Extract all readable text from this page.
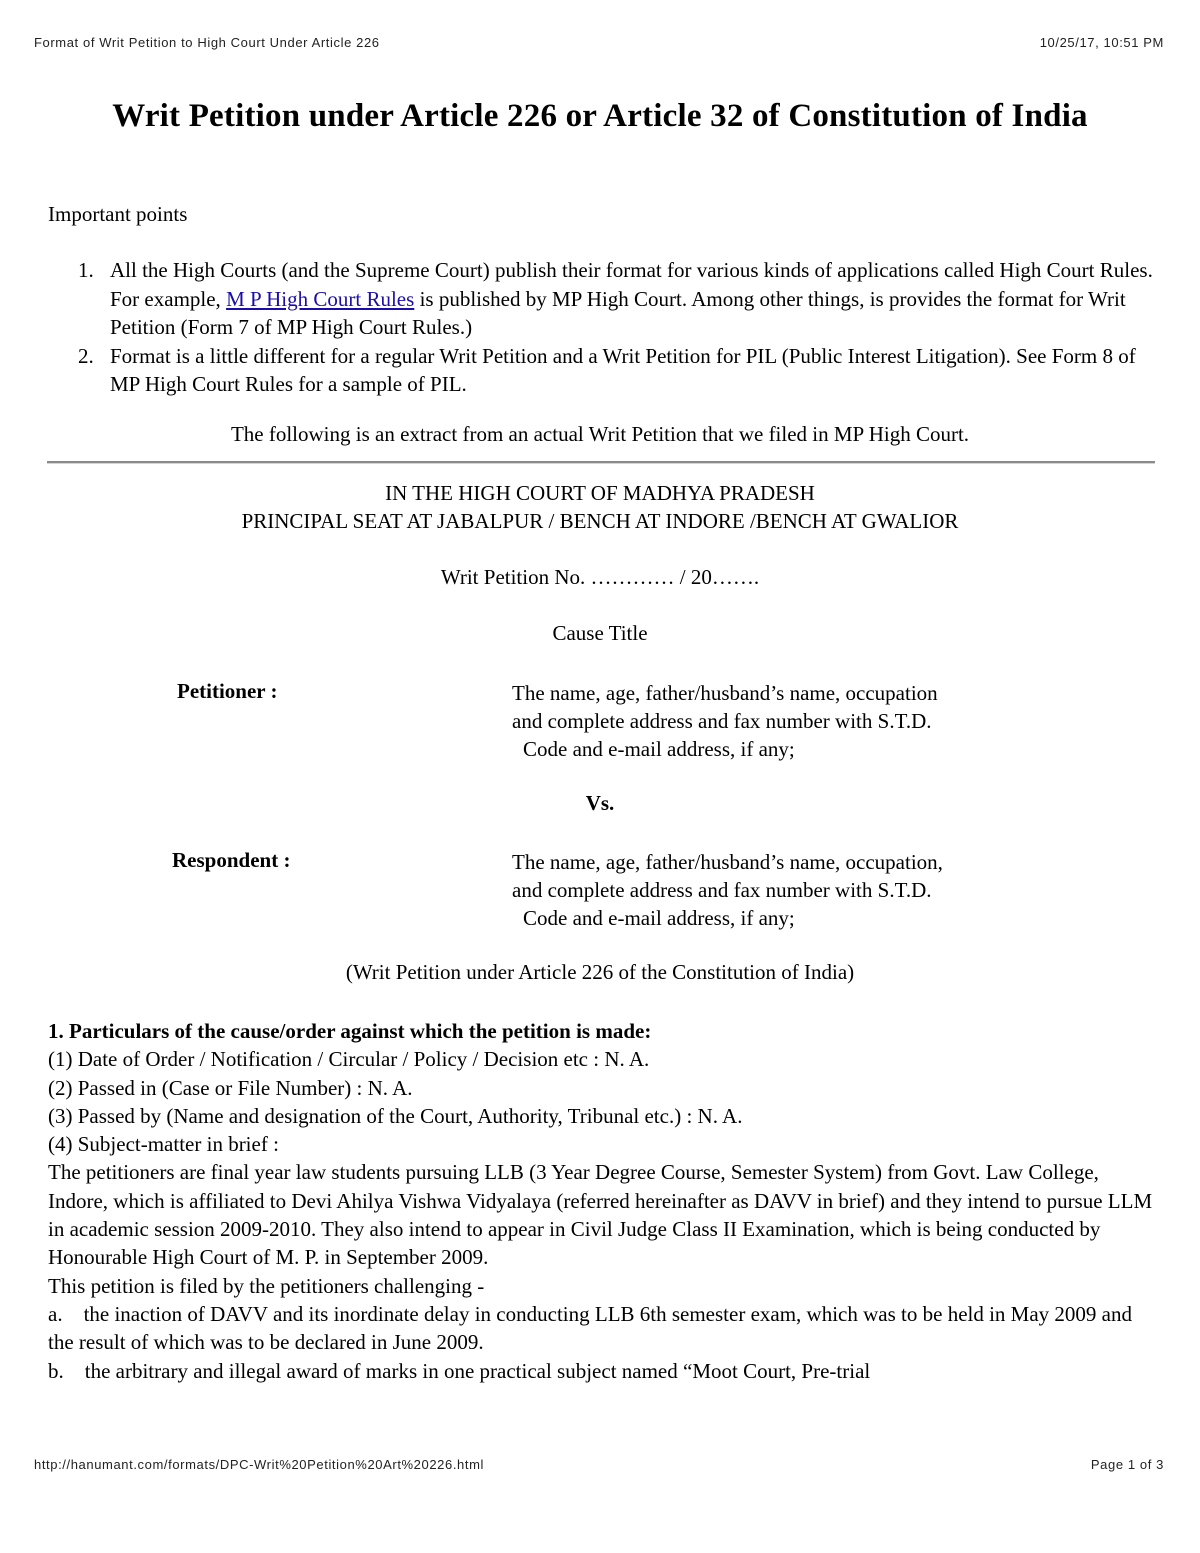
Format of Writ Petition to High Court Under Article 226	10/25/17, 10:51 PM
Writ Petition under Article 226 or Article 32 of Constitution of India
Important points
1. All the High Courts (and the Supreme Court) publish their format for various kinds of applications called High Court Rules. For example, M P High Court Rules is published by MP High Court. Among other things, is provides the format for Writ Petition (Form 7 of MP High Court Rules.)
2. Format is a little different for a regular Writ Petition and a Writ Petition for PIL (Public Interest Litigation). See Form 8 of MP High Court Rules for a sample of PIL.
The following is an extract from an actual Writ Petition that we filed in MP High Court.
IN THE HIGH COURT OF MADHYA PRADESH
PRINCIPAL SEAT AT JABALPUR / BENCH AT INDORE /BENCH AT GWALIOR
Writ Petition No. ………… / 20…….
Cause Title
Petitioner :	The name, age, father/husband’s name, occupation
and complete address and fax number with S.T.D.
Code and e-mail address, if any;
Vs.
Respondent :	The name, age, father/husband’s name, occupation,
and complete address and fax number with S.T.D.
Code and e-mail address, if any;
(Writ Petition under Article 226 of the Constitution of India)

1. Particulars of the cause/order against which the petition is made:

(1) Date of Order / Notification / Circular / Policy / Decision etc : N. A.

(2) Passed in (Case or File Number) : N. A.

(3) Passed by (Name and designation of the Court, Authority, Tribunal etc.) : N. A.

(4) Subject-matter in brief :

The petitioners are final year law students pursuing LLB (3 Year Degree Course, Semester System) from Govt. Law College, Indore, which is affiliated to Devi Ahilya Vishwa Vidyalaya (referred hereinafter as DAVV in brief) and they intend to pursue LLM in academic session 2009-2010. They also intend to appear in Civil Judge Class II Examination, which is being conducted by Honourable High Court of M. P. in September 2009.

This petition is filed by the petitioners challenging -

a.    the inaction of DAVV and its inordinate delay in conducting LLB 6th semester exam, which was to be held in May 2009 and the result of which was to be declared in June 2009.

b.    the arbitrary and illegal award of marks in one practical subject named “Moot Court, Pre-trial

http://hanumant.com/formats/DPC-Writ%20Petition%20Art%20226.html	Page 1 of 3
